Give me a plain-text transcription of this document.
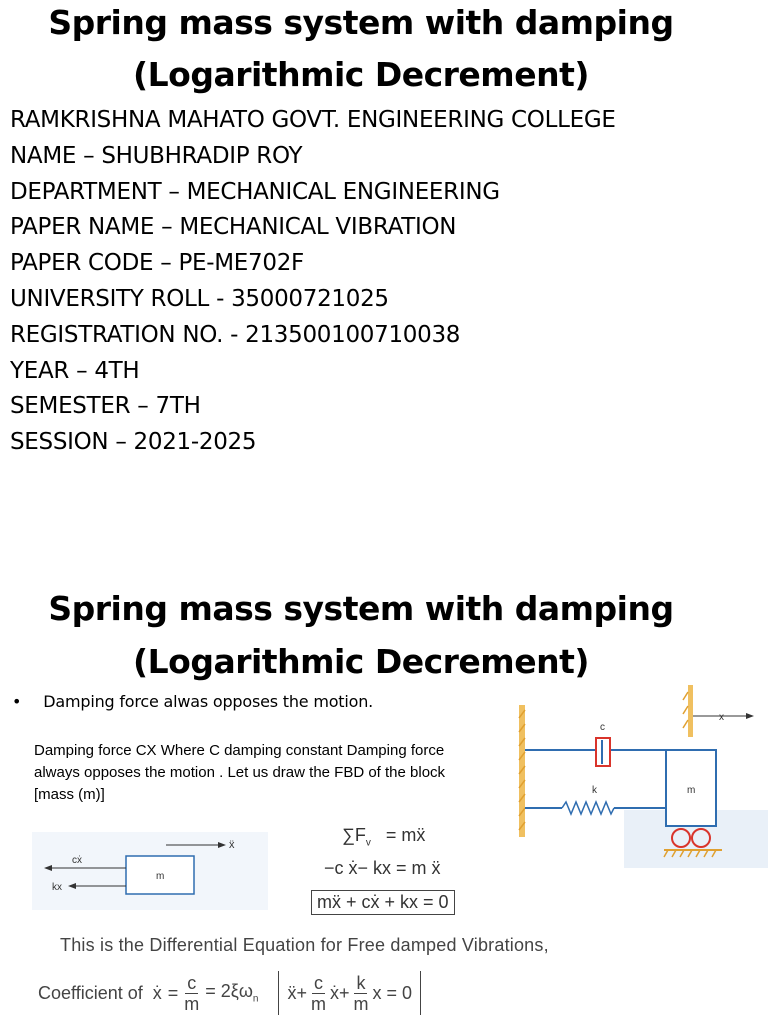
Spring mass system with damping
(Logarithmic Decrement)
RAMKRISHNA MAHATO GOVT. ENGINEERING COLLEGE
NAME – SHUBHRADIP ROY
DEPARTMENT – MECHANICAL ENGINEERING
PAPER NAME – MECHANICAL VIBRATION
PAPER CODE – PE-ME702F
UNIVERSITY ROLL - 35000721025
REGISTRATION NO. - 213500100710038
YEAR – 4TH
SEMESTER – 7TH
SESSION – 2021-2025
Spring mass system with damping
(Logarithmic Decrement)
• Damping force alwas opposes the motion.
Damping force CX Where C damping constant Damping force always opposes the motion . Let us draw the FBD of the block [mass (m)]
x
c
k	m
ẍ
m
cẋ
kx
$\sum F_v$ = mẍ
−c ẋ− kx = m ẍ
mẍ + cẋ + kx = 0
This is the Differential Equation for Free damped Vibrations,
Coefficient of ẋ = $\frac{c}{m} = 2\xi\omega_n$ ẍ+ $\frac{c}{m}$ ẋ+ $\frac{k}{m}$ x = 0
